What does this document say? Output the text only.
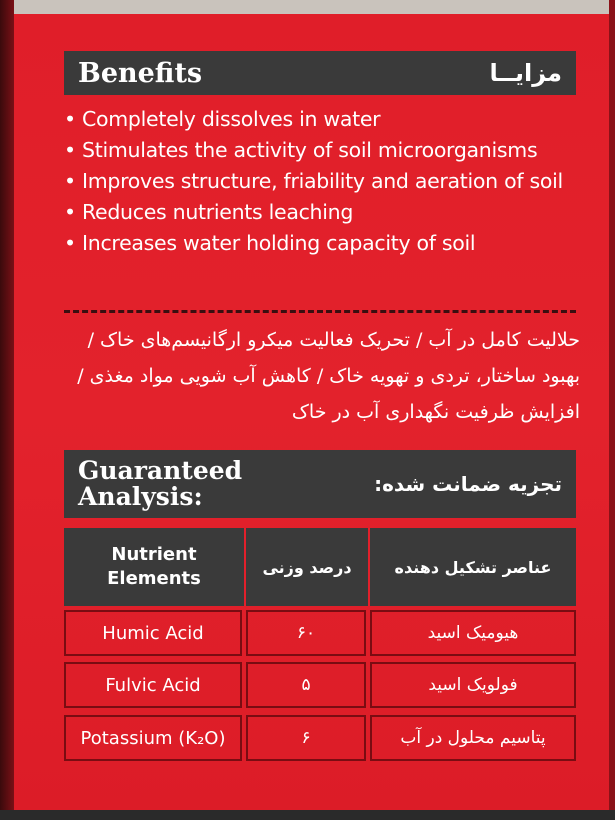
Benefits	مزایــا
• Completely dissolves in water
• Stimulates the activity of soil microorganisms
• Improves structure, friability and aeration of soil
• Reduces nutrients leaching
• Increases water holding capacity of soil
حلالیت کامل در آب / تحریک فعالیت میکرو ارگانیسم‌های خاک / بهبود ساختار، تردی و تهویه خاک / کاهش آب شویی مواد مغذی / افزایش ظرفیت نگهداری آب در خاک
Guaranteed
Analysis:	تجزیه ضمانت شده:
Nutrient
Elements
درصد وزنی	عناصر تشکیل دهنده
Humic Acid	۶۰	هیومیک اسید
Fulvic Acid	۵	فولویک اسید
Potassium (K₂O)	۶	پتاسیم محلول در آب
